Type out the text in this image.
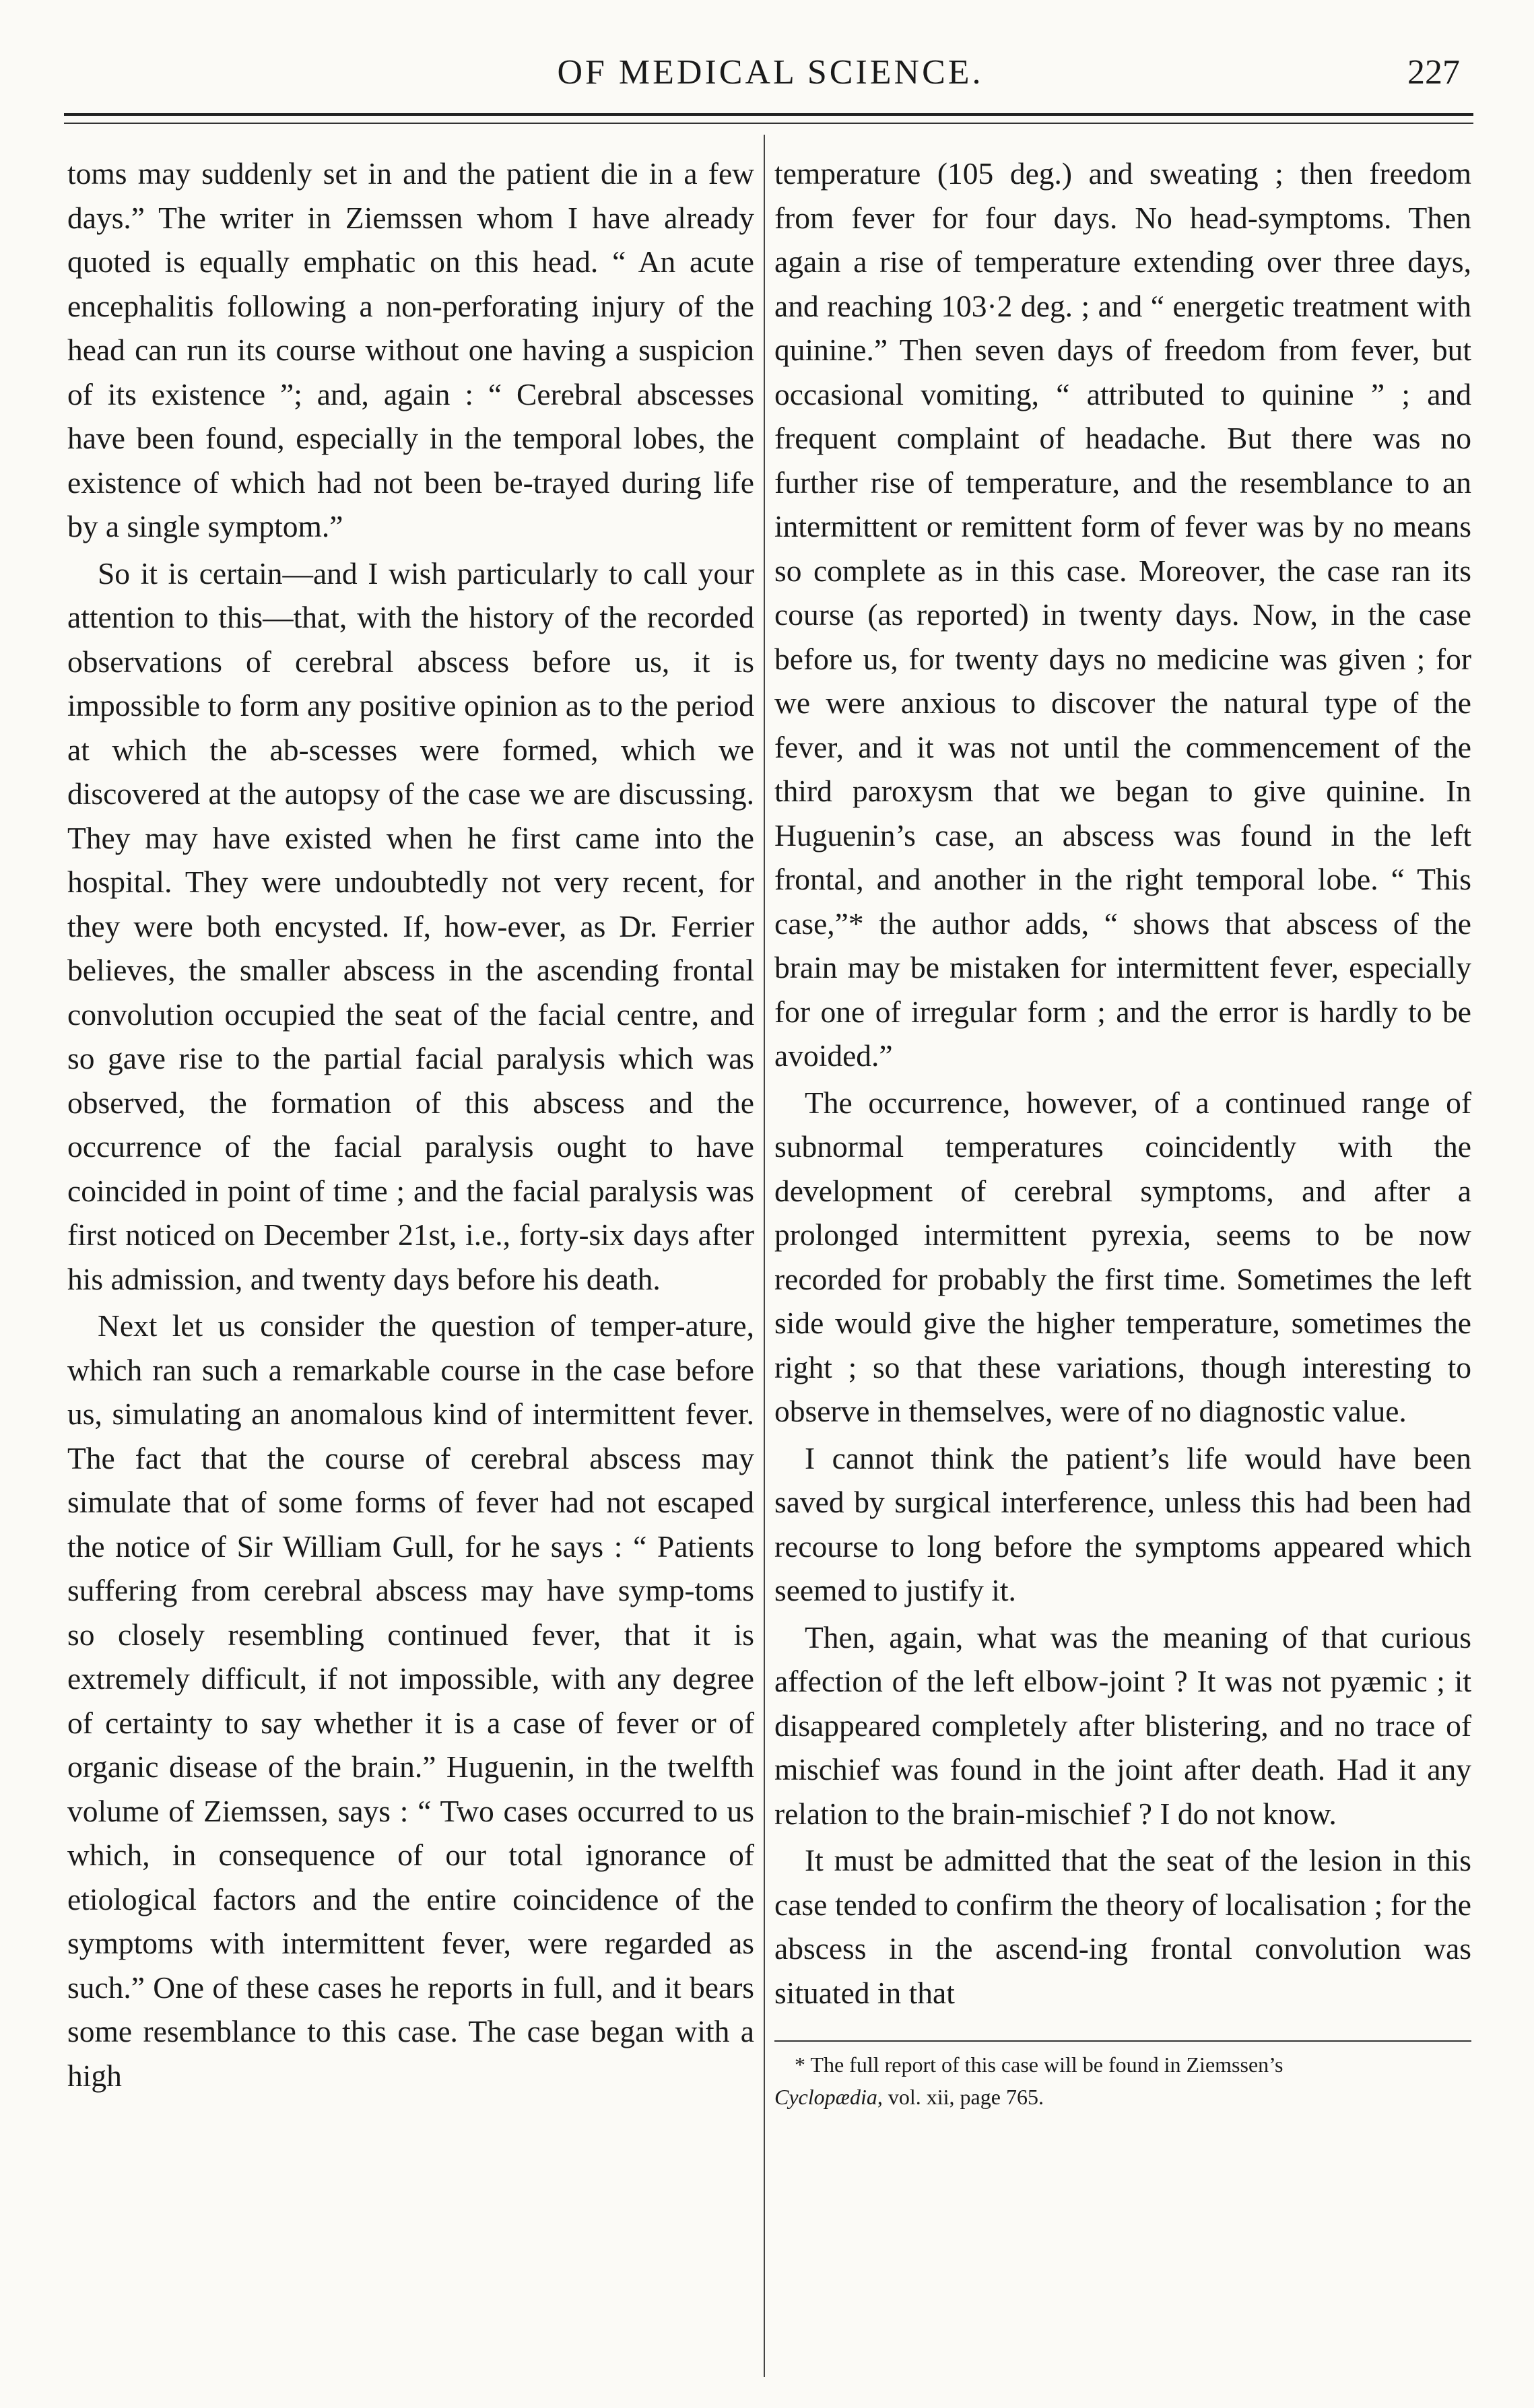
OF MEDICAL SCIENCE.	227

toms may suddenly set in and the patient die in a few days.” The writer in Ziemssen whom I have already quoted is equally emphatic on this head. “ An acute encephalitis following a non-perforating injury of the head can run its course without one having a suspicion of its existence ”; and, again : “ Cerebral abscesses have been found, especially in the temporal lobes, the existence of which had not been be-trayed during life by a single symptom.”

So it is certain—and I wish particularly to call your attention to this—that, with the history of the recorded observations of cerebral abscess before us, it is impossible to form any positive opinion as to the period at which the ab-scesses were formed, which we discovered at the autopsy of the case we are discussing. They may have existed when he first came into the hospital. They were undoubtedly not very recent, for they were both encysted. If, how-ever, as Dr. Ferrier believes, the smaller abscess in the ascending frontal convolution occupied the seat of the facial centre, and so gave rise to the partial facial paralysis which was observed, the formation of this abscess and the occurrence of the facial paralysis ought to have coincided in point of time ; and the facial paralysis was first noticed on December 21st, i.e., forty-six days after his admission, and twenty days before his death.

Next let us consider the question of temper-ature, which ran such a remarkable course in the case before us, simulating an anomalous kind of intermittent fever. The fact that the course of cerebral abscess may simulate that of some forms of fever had not escaped the notice of Sir William Gull, for he says : “ Patients suffering from cerebral abscess may have symp-toms so closely resembling continued fever, that it is extremely difficult, if not impossible, with any degree of certainty to say whether it is a case of fever or of organic disease of the brain.” Huguenin, in the twelfth volume of Ziemssen, says : “ Two cases occurred to us which, in consequence of our total ignorance of etiological factors and the entire coincidence of the symptoms with intermittent fever, were regarded as such.” One of these cases he reports in full, and it bears some resemblance to this case. The case began with a high

temperature (105 deg.) and sweating ; then freedom from fever for four days. No head-symptoms. Then again a rise of temperature extending over three days, and reaching 103·2 deg. ; and “ energetic treatment with quinine.” Then seven days of freedom from fever, but occasional vomiting, “ attributed to quinine ” ; and frequent complaint of headache. But there was no further rise of temperature, and the resemblance to an intermittent or remittent form of fever was by no means so complete as in this case. Moreover, the case ran its course (as reported) in twenty days. Now, in the case before us, for twenty days no medicine was given ; for we were anxious to discover the natural type of the fever, and it was not until the commencement of the third paroxysm that we began to give quinine. In Huguenin’s case, an abscess was found in the left frontal, and another in the right temporal lobe. “ This case,”* the author adds, “ shows that abscess of the brain may be mistaken for intermittent fever, especially for one of irregular form ; and the error is hardly to be avoided.”

The occurrence, however, of a continued range of subnormal temperatures coincidently with the development of cerebral symptoms, and after a prolonged intermittent pyrexia, seems to be now recorded for probably the first time. Sometimes the left side would give the higher temperature, sometimes the right ; so that these variations, though interesting to observe in themselves, were of no diagnostic value.

I cannot think the patient’s life would have been saved by surgical interference, unless this had been had recourse to long before the symptoms appeared which seemed to justify it.

Then, again, what was the meaning of that curious affection of the left elbow-joint ? It was not pyæmic ; it disappeared completely after blistering, and no trace of mischief was found in the joint after death. Had it any relation to the brain-mischief ? I do not know.

It must be admitted that the seat of the lesion in this case tended to confirm the theory of localisation ; for the abscess in the ascend-ing frontal convolution was situated in that

* The full report of this case will be found in Ziemssen’s
Cyclopædia, vol. xii, page 765.
